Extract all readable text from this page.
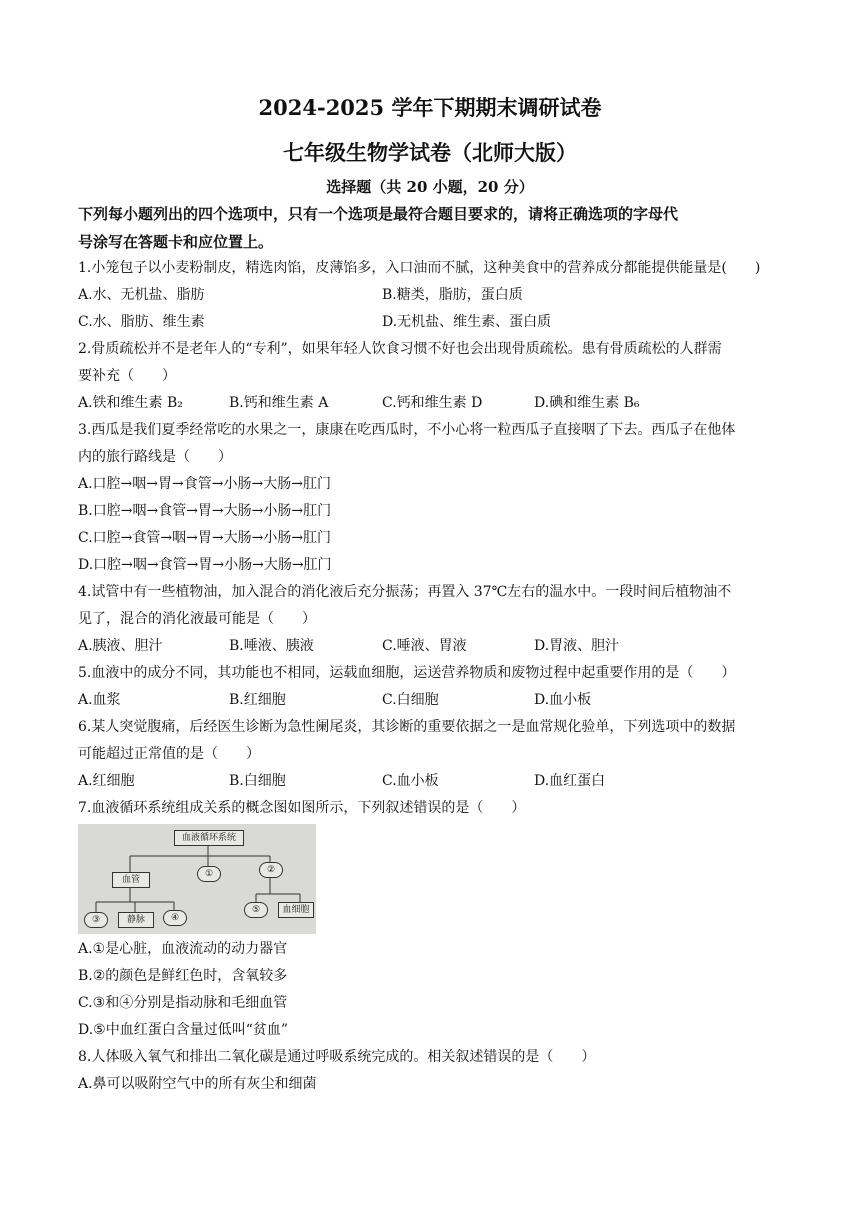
2024-2025 学年下期期末调研试卷
七年级生物学试卷（北师大版）
选择题（共 20 小题，20 分）
下列每小题列出的四个选项中，只有一个选项是最符合题目要求的，请将正确选项的字母代
号涂写在答题卡和应位置上。
1.小笼包子以小麦粉制皮，精选肉馅，皮薄馅多，入口油而不腻，这种美食中的营养成分都能提供能量是(　　)
A.水、无机盐、脂肪	B.糖类，脂肪，蛋白质
C.水、脂肪、维生素	D.无机盐、维生素、蛋白质
2.骨质疏松并不是老年人的“专利”，如果年轻人饮食习惯不好也会出现骨质疏松。患有骨质疏松的人群需
要补充（　　）
A.铁和维生素 B₂	B.钙和维生素 A	C.钙和维生素 D	D.碘和维生素 B₆
3.西瓜是我们夏季经常吃的水果之一，康康在吃西瓜时，不小心将一粒西瓜子直接咽了下去。西瓜子在他体
内的旅行路线是（　　）
A.口腔→咽→胃→食管→小肠→大肠→肛门
B.口腔→咽→食管→胃→大肠→小肠→肛门
C.口腔→食管→咽→胃→大肠→小肠→肛门
D.口腔→咽→食管→胃→小肠→大肠→肛门
4.试管中有一些植物油，加入混合的消化液后充分振荡；再置入 37℃左右的温水中。一段时间后植物油不
见了，混合的消化液最可能是（　　）
A.胰液、胆汁	B.唾液、胰液	C.唾液、胃液	D.胃液、胆汁
5.血液中的成分不同，其功能也不相同，运载血细胞，运送营养物质和废物过程中起重要作用的是（　　）
A.血浆	B.红细胞	C.白细胞	D.血小板
6.某人突觉腹痛，后经医生诊断为急性阑尾炎，其诊断的重要依据之一是血常规化验单，下列选项中的数据
可能超过正常值的是（　　）
A.红细胞	B.白细胞	C.血小板	D.血红蛋白
7.血液循环系统组成关系的概念图如图所示，下列叙述错误的是（　　）
血液循环系统
血管
①	②
③	静脉	④
⑤	血细胞
A.①是心脏，血液流动的动力器官
B.②的颜色是鲜红色时，含氧较多
C.③和④分别是指动脉和毛细血管
D.⑤中血红蛋白含量过低叫“贫血”
8.人体吸入氧气和排出二氧化碳是通过呼吸系统完成的。相关叙述错误的是（　　）
A.鼻可以吸附空气中的所有灰尘和细菌
